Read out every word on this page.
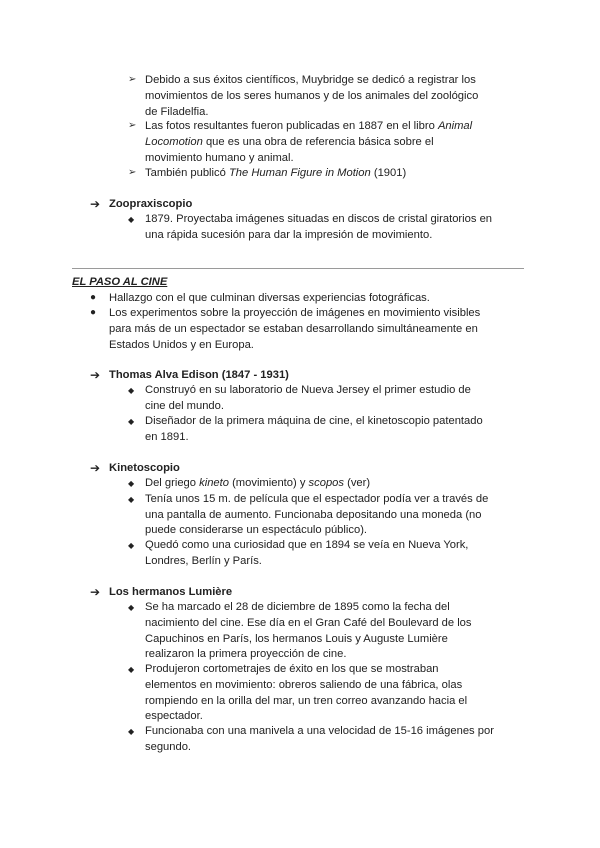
➢ Debido a sus éxitos científicos, Muybridge se dedicó a registrar los
movimientos de los seres humanos y de los animales del zoológico
de Filadelfia.
➢ Las fotos resultantes fueron publicadas en 1887 en el libro Animal
Locomotion que es una obra de referencia básica sobre el
movimiento humano y animal.
➢ También publicó The Human Figure in Motion (1901)
➔ Zoopraxiscopio
◆ 1879. Proyectaba imágenes situadas en discos de cristal giratorios en
una rápida sucesión para dar la impresión de movimiento.
EL PASO AL CINE
● Hallazgo con el que culminan diversas experiencias fotográficas.
● Los experimentos sobre la proyección de imágenes en movimiento visibles
para más de un espectador se estaban desarrollando simultáneamente en
Estados Unidos y en Europa.
➔ Thomas Alva Edison (1847 - 1931)
◆ Construyó en su laboratorio de Nueva Jersey el primer estudio de
cine del mundo.
◆ Diseñador de la primera máquina de cine, el kinetoscopio patentado
en 1891.
➔ Kinetoscopio
◆ Del griego kineto (movimiento) y scopos (ver)
◆ Tenía unos 15 m. de película que el espectador podía ver a través de
una pantalla de aumento. Funcionaba depositando una moneda (no
puede considerarse un espectáculo público).
◆ Quedó como una curiosidad que en 1894 se veía en Nueva York,
Londres, Berlín y París.
➔ Los hermanos Lumière
◆ Se ha marcado el 28 de diciembre de 1895 como la fecha del
nacimiento del cine. Ese día en el Gran Café del Boulevard de los
Capuchinos en París, los hermanos Louis y Auguste Lumière
realizaron la primera proyección de cine.
◆ Produjeron cortometrajes de éxito en los que se mostraban
elementos en movimiento: obreros saliendo de una fábrica, olas
rompiendo en la orilla del mar, un tren correo avanzando hacia el
espectador.
◆ Funcionaba con una manivela a una velocidad de 15-16 imágenes por
segundo.
